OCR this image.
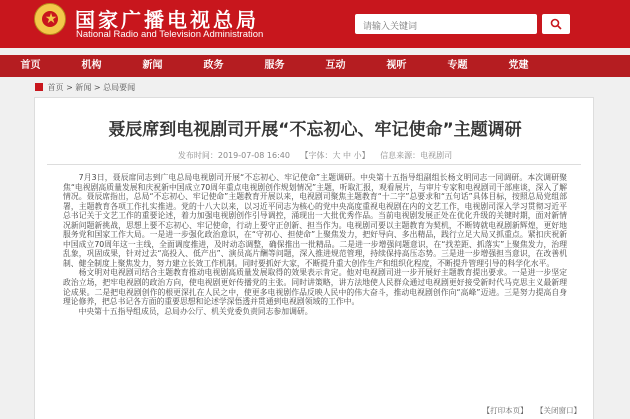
★ 国家广播电视总局
National Radio and Television Administration
请输入关键词
首页	机构	新闻	政务	服务	互动	视听	专题	党建
首页 > 新闻 > 总局要闻
聂辰席到电视剧司开展“不忘初心、牢记使命”主题调研
发布时间：2019-07-08 16:40 【字体：大 中 小】 信息来源：电视剧司

7月3日，聂辰席同志到广电总局电视剧司开展“不忘初心、牢记使命”主题调研。中央第十五指导组副组长杨文明同志一同调研。本次调研聚焦“电视剧高质量发展和庆祝新中国成立70周年重点电视剧创作规划情况”主题，听取汇报，观看展片，与审片专家和电视剧司干部座谈，深入了解情况。聂辰席指出，总局“不忘初心、牢记使命”主题教育开展以来，电视剧司聚焦主题教育“十二字”总要求和“五句话”具体目标，按照总局党组部署，主题教育各项工作扎实推进。党的十八大以来，以习近平同志为核心的党中央高度重视电视剧在内的文艺工作，电视剧司深入学习贯彻习近平总书记关于文艺工作的重要论述，着力加强电视剧创作引导调控，涌现出一大批优秀作品。当前电视剧发展正处在优化升级的关键时期，面对新情况新问题新挑战，思想上要不忘初心、牢记使命，行动上要守正创新、担当作为。电视剧司要以主题教育为契机，不断铸就电视剧新辉煌，更好地服务党和国家工作大局。一是进一步强化政治意识，在“守初心、担使命”上聚焦发力，把好导向、多出精品，践行立足大局又抓重点。紧扣庆祝新中国成立70周年这一主线，全面调度推进，及时动态调整，确保推出一批精品。二是进一步增强问题意识，在“找差距、抓落实”上聚焦发力，治理乱象，巩固成果，针对过去“高投入、低产出”、演员高片酬等问题，深入推进规范管理，持续保持高压态势。三是进一步增强担当意识，在改善机制、健全制度上聚焦发力，努力建立长效工作机制。同时要抓好大家，不断提升重大创作生产和组织化程度，不断提升管理引导的科学化水平。

杨文明对电视剧司结合主题教育推动电视剧高质量发展取得的效果表示肯定。他对电视剧司进一步开展好主题教育提出要求。一是进一步坚定政治立场，把牢电视剧的政治方向，使电视剧更好传播党的主张。同时讲策略，讲方法地使人民群众通过电视剧更好接受新时代马克思主义最新理论成果。二是把电视剧创作的根更深扎在人民之中，使更多电视剧作品反映人民中的伟大奋斗，推动电视剧创作向“高峰”迈进。三是努力提高自身理论修养，把总书记各方面的重要思想和论述学深悟透并贯通到电视剧领域的工作中。

中央第十五指导组成员，总局办公厅、机关党委负责同志参加调研。

【打印本页】 【关闭窗口】
